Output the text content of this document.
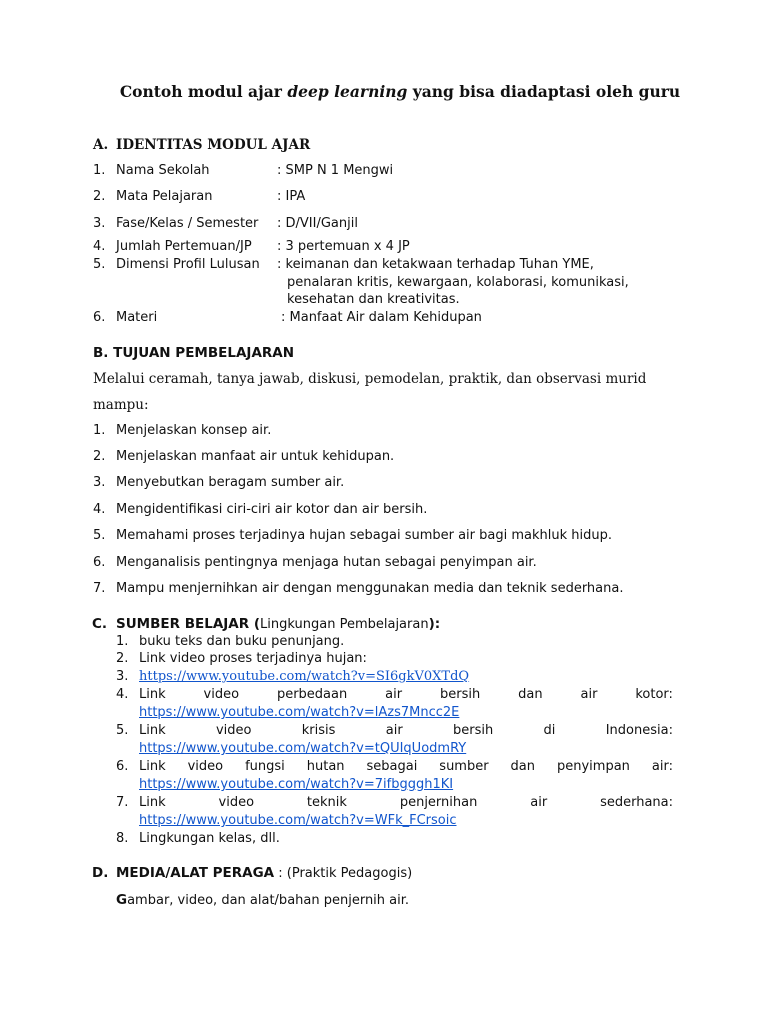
Contoh modul ajar deep learning yang bisa diadaptasi oleh guru
A. IDENTITAS MODUL AJAR
1. Nama Sekolah	: SMP N 1 Mengwi
2. Mata Pelajaran	: IPA
3. Fase/Kelas / Semester : D/VII/Ganjil
4. Jumlah Pertemuan/JP : 3 pertemuan x 4 JP
5. Dimensi Profil Lulusan : keimanan dan ketakwaan terhadap Tuhan YME,
penalaran kritis, kewargaan, kolaborasi, komunikasi,
kesehatan dan kreativitas.
6. Materi	: Manfaat Air dalam Kehidupan
B. TUJUAN PEMBELAJARAN
Melalui ceramah, tanya jawab, diskusi, pemodelan, praktik, dan observasi murid
mampu:
1. Menjelaskan konsep air.
2. Menjelaskan manfaat air untuk kehidupan.
3. Menyebutkan beragam sumber air.
4. Mengidentifikasi ciri-ciri air kotor dan air bersih.
5. Memahami proses terjadinya hujan sebagai sumber air bagi makhluk hidup.
6. Menganalisis pentingnya menjaga hutan sebagai penyimpan air.
7. Mampu menjernihkan air dengan menggunakan media dan teknik sederhana.
C. SUMBER BELAJAR (Lingkungan Pembelajaran):
1. buku teks dan buku penunjang.
2. Link video proses terjadinya hujan:
3. https://www.youtube.com/watch?v=SI6gkV0XTdQ
4. Link	video	perbedaan	air	bersih	dan	air	kotor:
https://www.youtube.com/watch?v=lAzs7Mncc2E
5. Link	video	krisis	air	bersih	di	Indonesia:
https://www.youtube.com/watch?v=tQUIqUodmRY
6. Link video fungsi hutan sebagai sumber dan penyimpan air:
https://www.youtube.com/watch?v=7ifbgggh1KI
7. Link	video	teknik	penjernihan	air	sederhana:
https://www.youtube.com/watch?v=WFk_FCrsoic
8. Lingkungan kelas, dll.
D. MEDIA/ALAT PERAGA : (Praktik Pedagogis)
Gambar, video, dan alat/bahan penjernih air.
